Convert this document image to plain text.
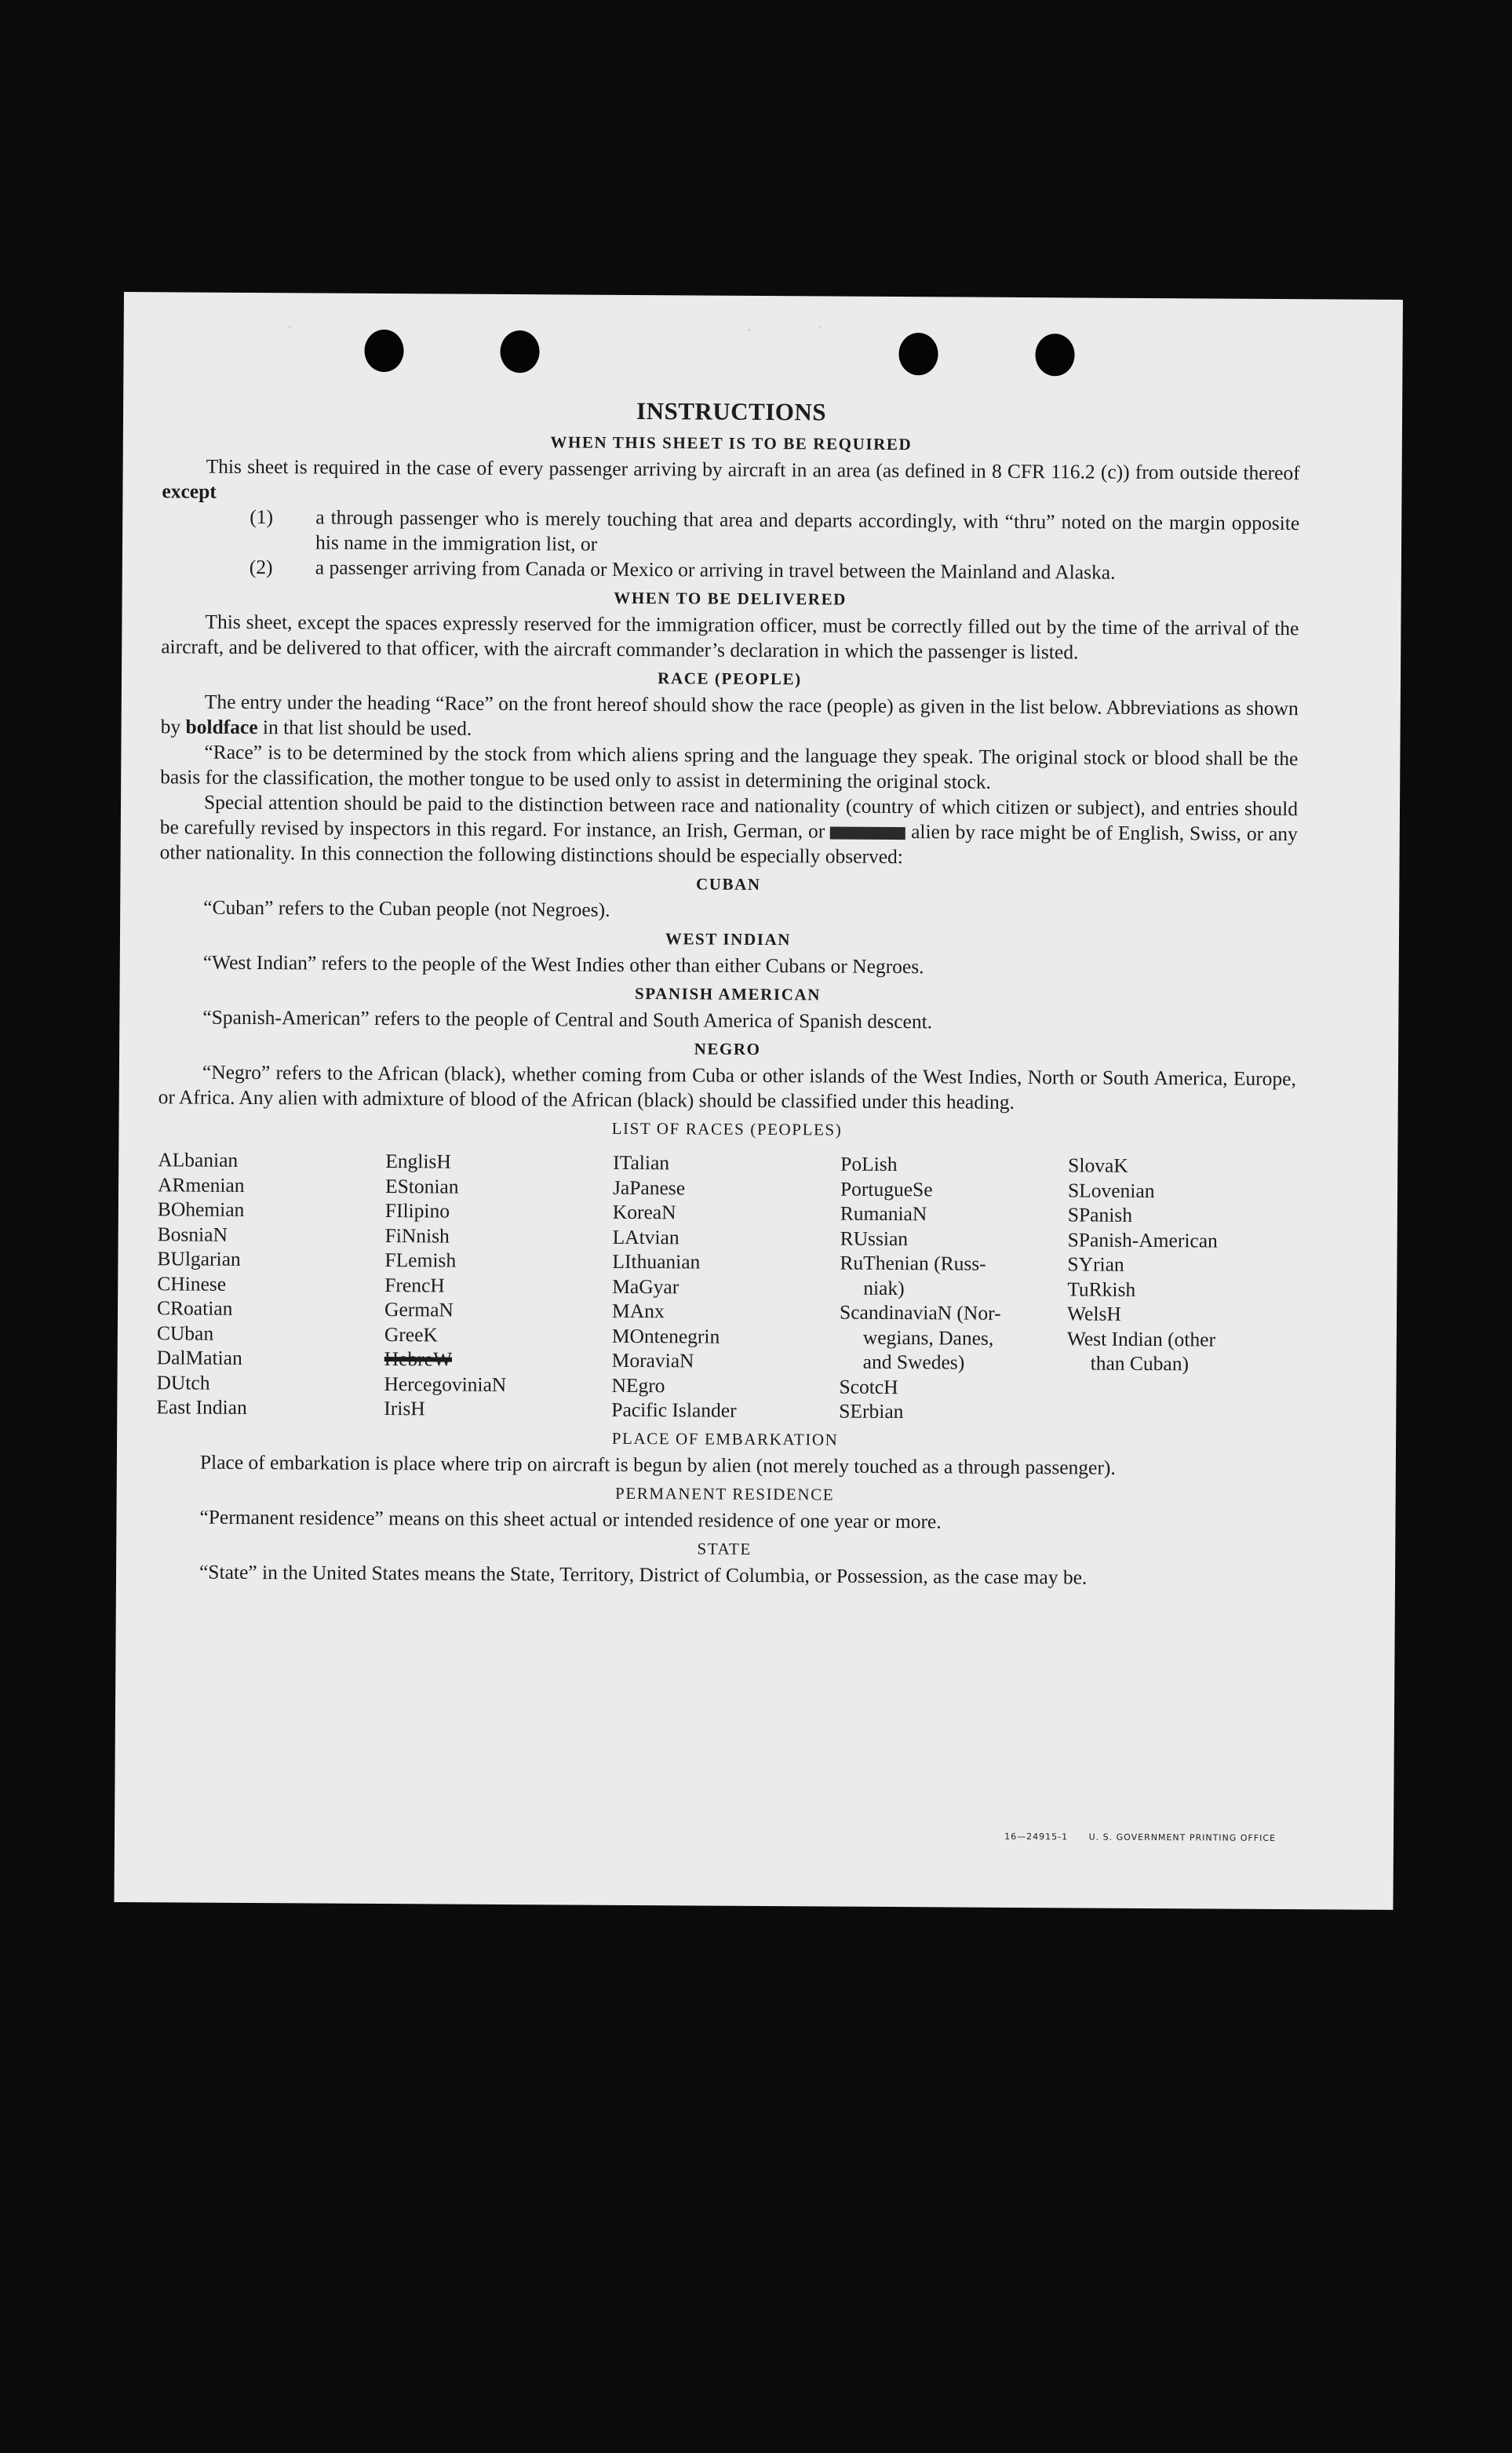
INSTRUCTIONS
WHEN THIS SHEET IS TO BE REQUIRED

This sheet is required in the case of every passenger arriving by aircraft in an area (as defined in 8 CFR 116.2 (c)) from outside thereof except

(1) a through passenger who is merely touching that area and departs accordingly, with “thru” noted on the margin opposite his name in the immigration list, or

(2) a passenger arriving from Canada or Mexico or arriving in travel between the Mainland and Alaska.

WHEN TO BE DELIVERED

This sheet, except the spaces expressly reserved for the immigration officer, must be correctly filled out by the time of the arrival of the aircraft, and be delivered to that officer, with the aircraft commander’s declaration in which the passenger is listed.

RACE (PEOPLE)

The entry under the heading “Race” on the front hereof should show the race (people) as given in the list below. Abbreviations as shown by boldface in that list should be used.

“Race” is to be determined by the stock from which aliens spring and the language they speak. The original stock or blood shall be the basis for the classification, the mother tongue to be used only to assist in determining the original stock.

Special attention should be paid to the distinction between race and nationality (country of which citizen or subject), and entries should be carefully revised by inspectors in this regard. For instance, an Irish, German, or	alien by race might be of English, Swiss, or any other nationality. In this connection the following distinctions should be especially observed:

CUBAN

“Cuban” refers to the Cuban people (not Negroes).

WEST INDIAN

“West Indian” refers to the people of the West Indies other than either Cubans or Negroes.

SPANISH AMERICAN

“Spanish-American” refers to the people of Central and South America of Spanish descent.

NEGRO

“Negro” refers to the African (black), whether coming from Cuba or other islands of the West Indies, North or South America, Europe, or Africa. Any alien with admixture of blood of the African (black) should be classified under this heading.

LIST OF RACES (PEOPLES)
ALbanian
ARmenian
BOhemian
BosniaN
BUlgarian
CHinese
CRoatian
CUban
DalMatian
DUtch
East Indian
EnglisH
EStonian
FIlipino
FiNnish
FLemish
FrencH
GermaN
GreeK
HebreW
HercegoviniaN
IrisH
ITalian
JaPanese
KoreaN
LAtvian
LIthuanian
MaGyar
MAnx
MOntenegrin
MoraviaN
NEgro
Pacific Islander
PoLish
PortugueSe
RumaniaN
RUssian
RuThenian (Russ-
niak)
ScandinaviaN (Nor-
wegians, Danes,
and Swedes)
ScotcH
SErbian
SlovaK
SLovenian
SPanish
SPanish-American
SYrian
TuRkish
WelsH
West Indian (other
than Cuban)
PLACE OF EMBARKATION

Place of embarkation is place where trip on aircraft is begun by alien (not merely touched as a through passenger).

PERMANENT RESIDENCE

“Permanent residence” means on this sheet actual or intended residence of one year or more.

STATE

“State” in the United States means the State, Territory, District of Columbia, or Possession, as the case may be.

16—24915-1 U. S. GOVERNMENT PRINTING OFFICE
